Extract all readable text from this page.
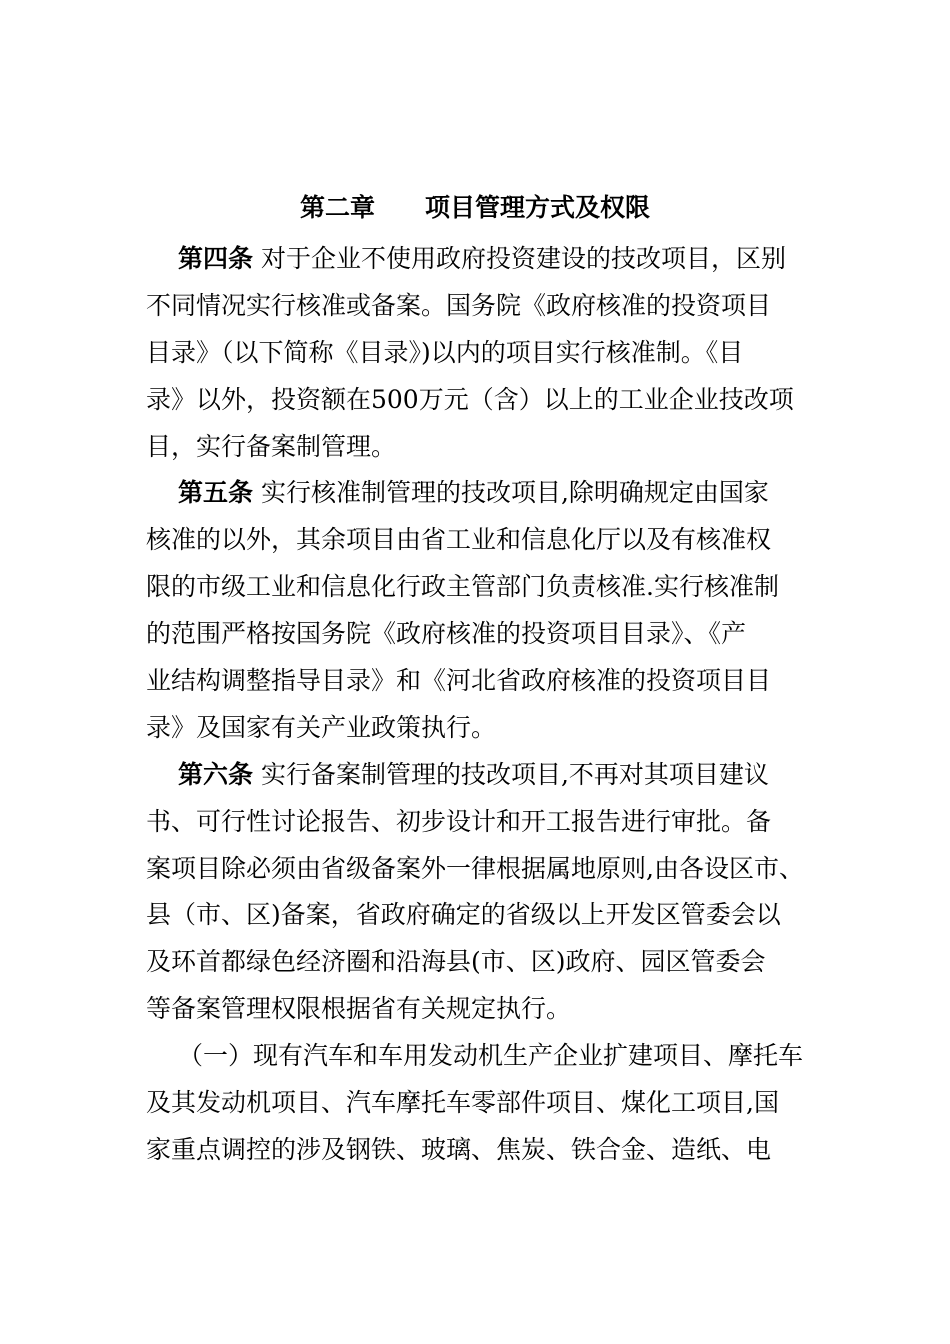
第二章　　项目管理方式及权限
第四条 对于企业不使用政府投资建设的技改项目，区别
不同情况实行核准或备案。国务院《政府核准的投资项目
目录》（以下简称《目录》)以内的项目实行核准制。《目
录》以外，投资额在500万元（含）以上的工业企业技改项
目，实行备案制管理。
第五条 实行核准制管理的技改项目,除明确规定由国家
核准的以外，其余项目由省工业和信息化厅以及有核准权
限的市级工业和信息化行政主管部门负责核准.实行核准制
的范围严格按国务院《政府核准的投资项目目录》、《产
业结构调整指导目录》和《河北省政府核准的投资项目目
录》及国家有关产业政策执行。
第六条 实行备案制管理的技改项目,不再对其项目建议
书、可行性讨论报告、初步设计和开工报告进行审批。备
案项目除必须由省级备案外一律根据属地原则,由各设区市、
县（市、区)备案，省政府确定的省级以上开发区管委会以
及环首都绿色经济圈和沿海县(市、区)政府、园区管委会
等备案管理权限根据省有关规定执行。
（一）现有汽车和车用发动机生产企业扩建项目、摩托车
及其发动机项目、汽车摩托车零部件项目、煤化工项目,国
家重点调控的涉及钢铁、玻璃、焦炭、铁合金、造纸、电
